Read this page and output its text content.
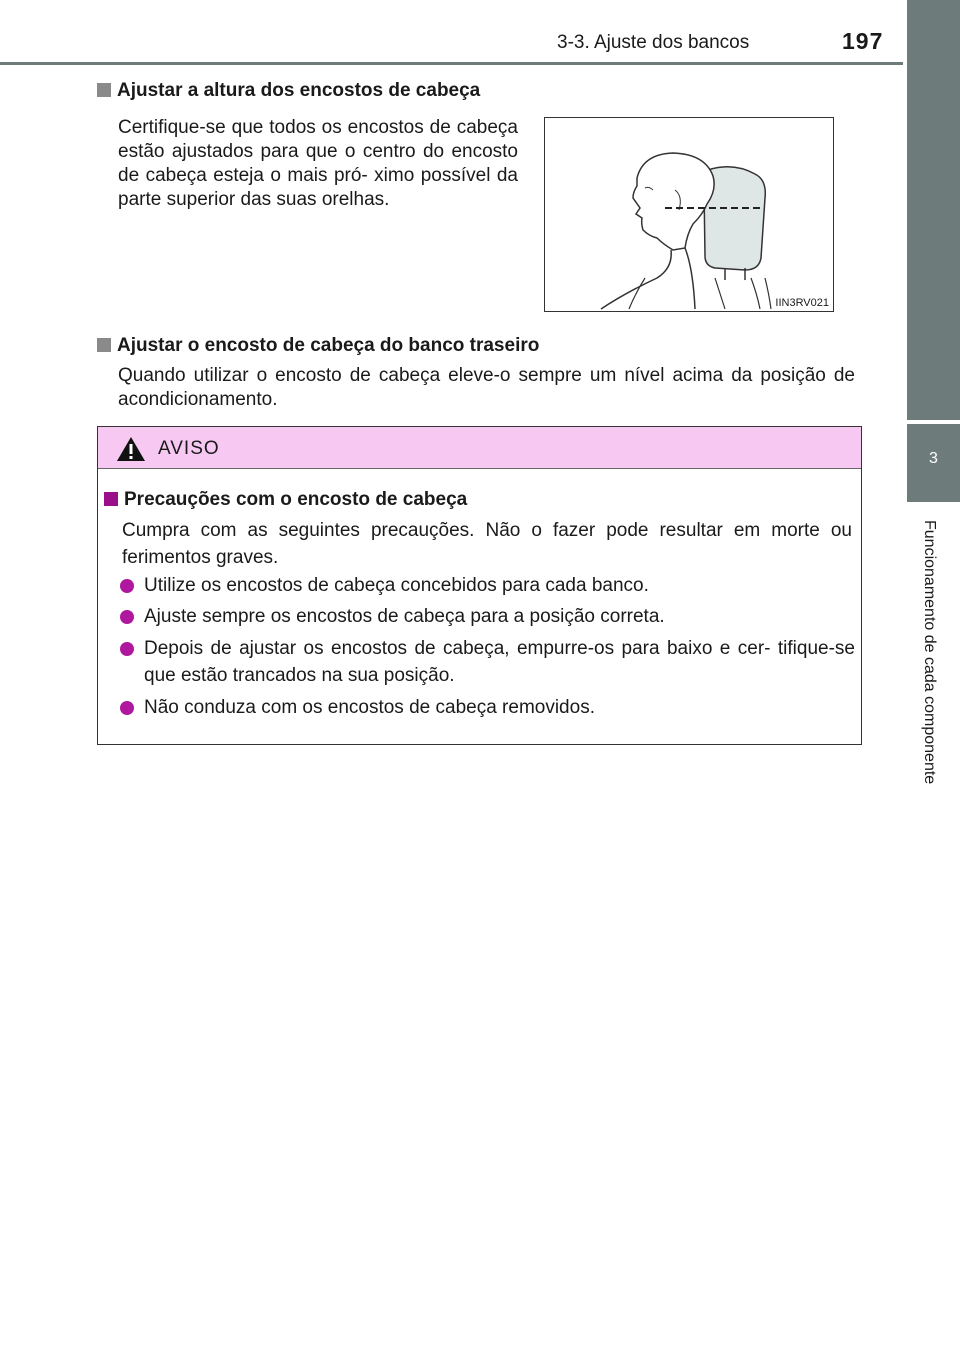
3-3. Ajuste dos bancos	197
3
Funcionamento de cada componente
Ajustar a altura dos encostos de cabeça
Certifique-se que todos os encostos de cabeça estão ajustados para que o centro do encosto de cabeça esteja o mais pró- ximo possível da parte superior das suas orelhas.
IIN3RV021
Ajustar o encosto de cabeça do banco traseiro
Quando utilizar o encosto de cabeça eleve-o sempre um nível acima da posição de acondicionamento.
AVISO
Precauções com o encosto de cabeça
Cumpra com as seguintes precauções. Não o fazer pode resultar em morte ou ferimentos graves.
Utilize os encostos de cabeça concebidos para cada banco.
Ajuste sempre os encostos de cabeça para a posição correta.
Depois de ajustar os encostos de cabeça, empurre-os para baixo e cer- tifique-se que estão trancados na sua posição.
Não conduza com os encostos de cabeça removidos.
